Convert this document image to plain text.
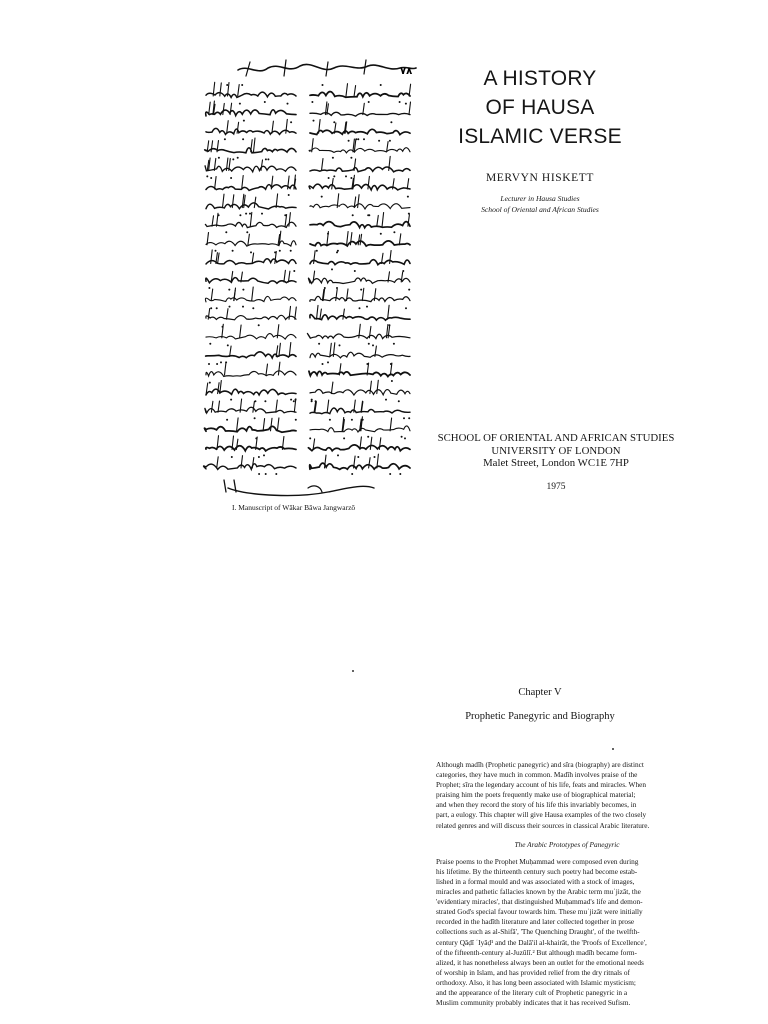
٧٨
I. Manuscript of Wākar Bāwa Jangwarzō
A HISTORY
OF HAUSA
ISLAMIC VERSE
MERVYN HISKETT
Lecturer in Hausa Studies
School of Oriental and African Studies
SCHOOL OF ORIENTAL AND AFRICAN STUDIES
UNIVERSITY OF LONDON
Malet Street, London WC1E 7HP
1975
Chapter V
Prophetic Panegyric and Biography
Although madīh (Prophetic panegyric) and sīra (biography) are distinct
categories, they have much in common. Madīh involves praise of the
Prophet; sīra the legendary account of his life, feats and miracles. When
praising him the poets frequently make use of biographical material;
and when they record the story of his life this invariably becomes, in
part, a eulogy. This chapter will give Hausa examples of the two closely
related genres and will discuss their sources in classical Arabic literature.
The Arabic Prototypes of Panegyric
Praise poems to the Prophet Muḥammad were composed even during
his lifetime. By the thirteenth century such poetry had become estab-
lished in a formal mould and was associated with a stock of images,
miracles and pathetic fallacies known by the Arabic term muʿjizāt, the
'evidentiary miracles', that distinguished Muḥammad's life and demon-
strated God's special favour towards him. These muʿjizāt were initially
recorded in the hadīth literature and later collected together in prose
collections such as al-Shifā', 'The Quenching Draught', of the twelfth-
century Qāḍī ʿIyāḍ¹ and the Dalā'il al-khairāt, the 'Proofs of Excellence',
of the fifteenth-century al-Juzūlī.² But although madīh became form-
alized, it has nonetheless always been an outlet for the emotional needs
of worship in Islam, and has provided relief from the dry ritnals of
orthodoxy. Also, it has long been associated with Islamic mysticism;
and the appearance of the literary cult of Prophetic panegyric in a
Muslim community probably indicates that it has received Sufism.
